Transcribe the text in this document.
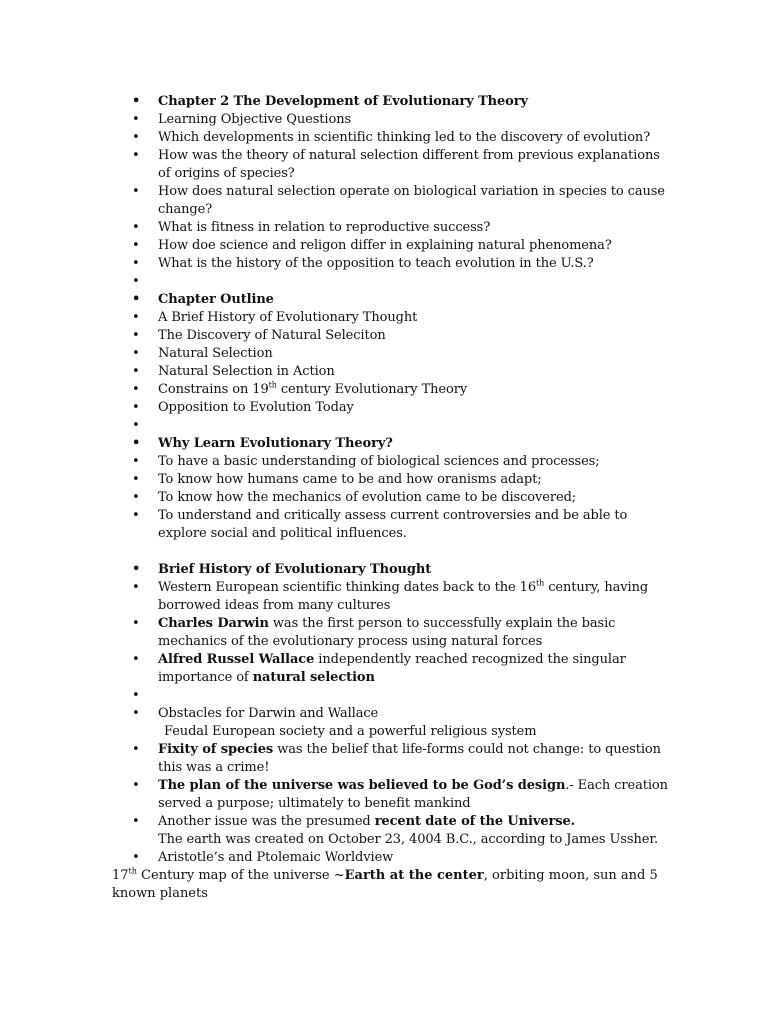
• Chapter 2 The Development of Evolutionary Theory
• Learning Objective Questions
• Which developments in scientific thinking led to the discovery of evolution?
• How was the theory of natural selection different from previous explanations of origins of species?
• How does natural selection operate on biological variation in species to cause change?
• What is fitness in relation to reproductive success?
• How doe science and religon differ in explaining natural phenomena?
• What is the history of the opposition to teach evolution in the U.S.?
•
• Chapter Outline
• A Brief History of Evolutionary Thought
• The Discovery of Natural Seleciton
• Natural Selection
• Natural Selection in Action
• Constrains on 19th century Evolutionary Theory
• Opposition to Evolution Today
•
• Why Learn Evolutionary Theory?
• To have a basic understanding of biological sciences and processes;
• To know how humans came to be and how oranisms adapt;
• To know how the mechanics of evolution came to be discovered;
• To understand and critically assess current controversies and be able to explore social and political influences.
• Brief History of Evolutionary Thought
• Western European scientific thinking dates back to the 16th century, having borrowed ideas from many cultures
• Charles Darwin was the first person to successfully explain the basic mechanics of the evolutionary process using natural forces
• Alfred Russel Wallace independently reached recognized the singular importance of natural selection
•
• Obstacles for Darwin and Wallace
Feudal European society and a powerful religious system
• Fixity of species was the belief that life-forms could not change: to question this was a crime!
• The plan of the universe was believed to be God’s design.- Each creation served a purpose; ultimately to benefit mankind
• Another issue was the presumed recent date of the Universe.
The earth was created on October 23, 4004 B.C., according to James Ussher.
• Aristotle’s and Ptolemaic Worldview
17th Century map of the universe ~Earth at the center, orbiting moon, sun and 5 known planets
